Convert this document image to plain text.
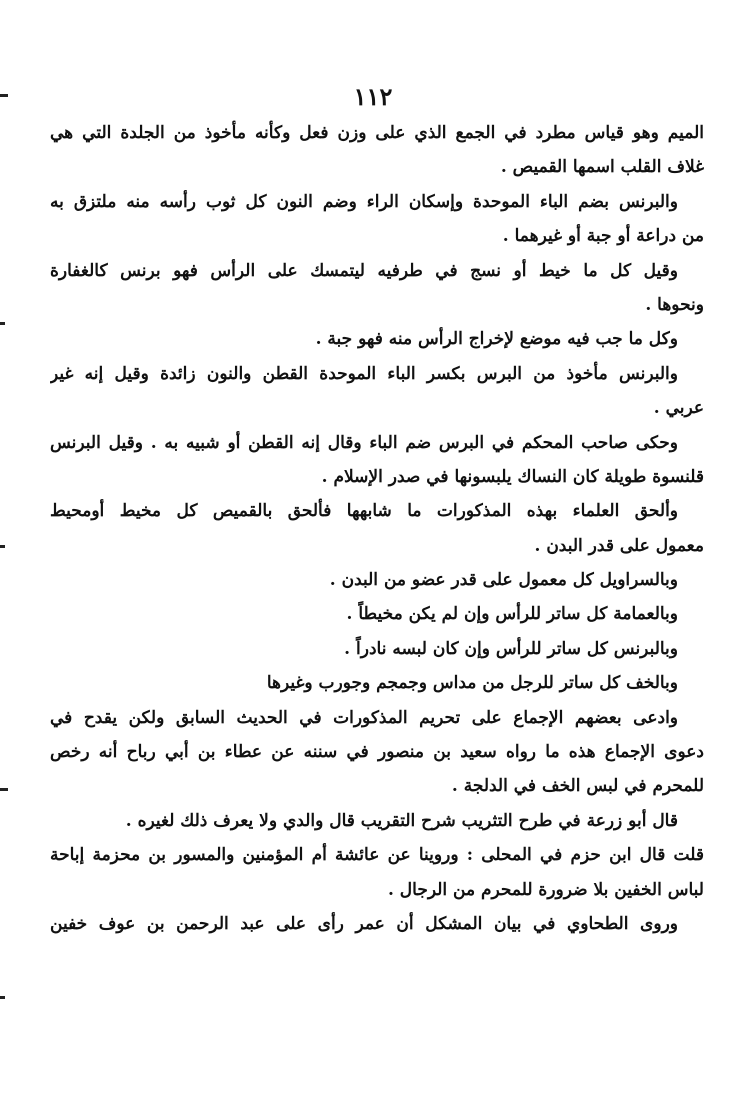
١١٢
الميم وهو قياس مطرد في الجمع الذي على وزن فعل وكأنه مأخوذ من الجلدة التي هي
غلاف القلب اسمها القميص .
والبرنس بضم الباء الموحدة وإسكان الراء وضم النون كل ثوب رأسه منه ملتزق به
من دراعة أو جبة أو غيرهما .
وقيل كل ما خيط أو نسج في طرفيه ليتمسك على الرأس فهو برنس كالغفارة
ونحوها .
وكل ما جب فيه موضع لإخراج الرأس منه فهو جبة .
والبرنس مأخوذ من البرس بكسر الباء الموحدة القطن والنون زائدة وقيل إنه غير
عربي .
وحكى صاحب المحكم في البرس ضم الباء وقال إنه القطن أو شبيه به . وقيل البرنس
قلنسوة طويلة كان النساك يلبسونها في صدر الإسلام .
وألحق العلماء بهذه المذكورات ما شابهها فألحق بالقميص كل مخيط أومحيط
معمول على قدر البدن .
وبالسراويل كل معمول على قدر عضو من البدن .
وبالعمامة كل ساتر للرأس وإن لم يكن مخيطاً .
وبالبرنس كل ساتر للرأس وإن كان لبسه نادراً .
وبالخف كل ساتر للرجل من مداس وجمجم وجورب وغيرها
وادعى بعضهم الإجماع على تحريم المذكورات في الحديث السابق ولكن يقدح في
دعوى الإجماع هذه ما رواه سعيد بن منصور في سننه عن عطاء بن أبي رباح أنه رخص
للمحرم في لبس الخف في الدلجة .
قال أبو زرعة في طرح التثريب شرح التقريب قال والدي ولا يعرف ذلك لغيره .
قلت قال ابن حزم في المحلى : وروينا عن عائشة أم المؤمنين والمسور بن محزمة إباحة
لباس الخفين بلا ضرورة للمحرم من الرجال .
وروى الطحاوي في بيان المشكل أن عمر رأى على عبد الرحمن بن عوف خفين
